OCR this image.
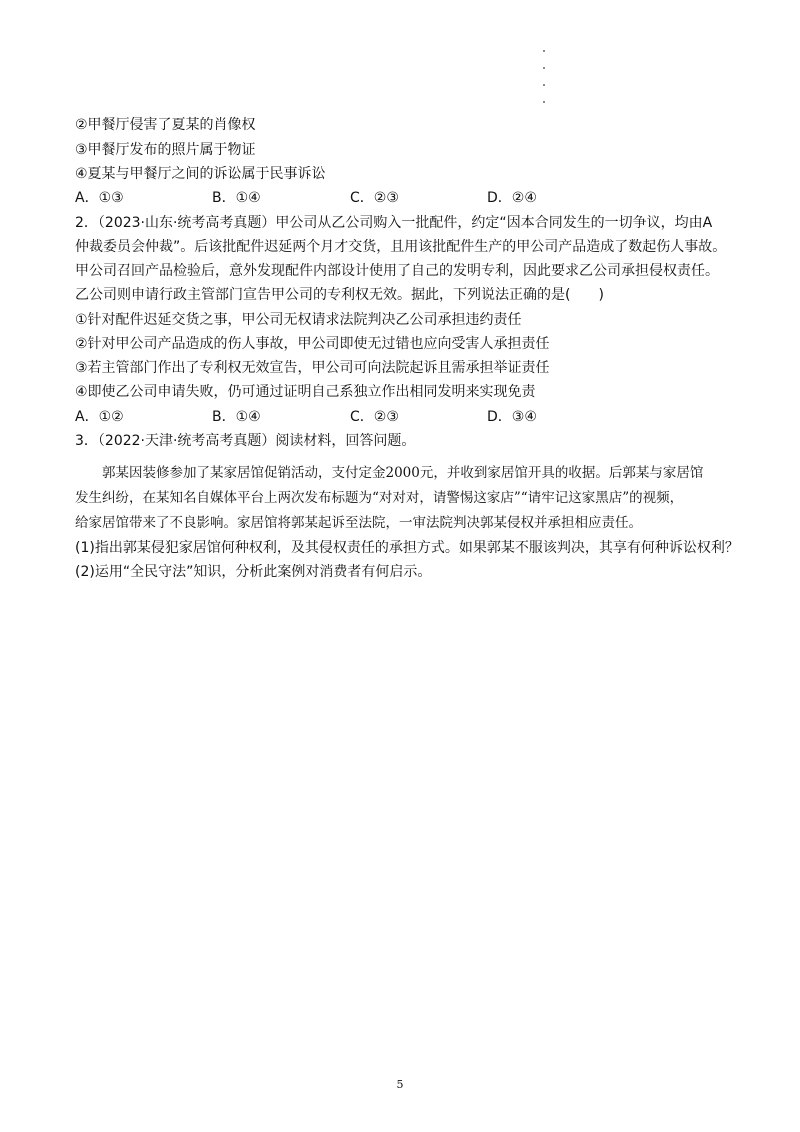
②甲餐厅侵害了夏某的肖像权
③甲餐厅发布的照片属于物证
④夏某与甲餐厅之间的诉讼属于民事诉讼
A．①③	B．①④	C．②③	D．②④
2．（2023·山东·统考高考真题）甲公司从乙公司购入一批配件，约定“因本合同发生的一切争议，均由A
仲裁委员会仲裁”。后该批配件迟延两个月才交货，且用该批配件生产的甲公司产品造成了数起伤人事故。
甲公司召回产品检验后，意外发现配件内部设计使用了自己的发明专利，因此要求乙公司承担侵权责任。
乙公司则申请行政主管部门宣告甲公司的专利权无效。据此，下列说法正确的是(　　)
①针对配件迟延交货之事，甲公司无权请求法院判决乙公司承担违约责任
②针对甲公司产品造成的伤人事故，甲公司即使无过错也应向受害人承担责任
③若主管部门作出了专利权无效宣告，甲公司可向法院起诉且需承担举证责任
④即使乙公司申请失败，仍可通过证明自己系独立作出相同发明来实现免责
A．①②	B．①④	C．②③	D．③④
3．（2022·天津·统考高考真题）阅读材料，回答问题。
　　郭某因装修参加了某家居馆促销活动，支付定金2000元，并收到家居馆开具的收据。后郭某与家居馆
发生纠纷，在某知名自媒体平台上两次发布标题为“对对对，请警惕这家店”“请牢记这家黑店”的视频，
给家居馆带来了不良影响。家居馆将郭某起诉至法院，一审法院判决郭某侵权并承担相应责任。
(1)指出郭某侵犯家居馆何种权利，及其侵权责任的承担方式。如果郭某不服该判决，其享有何种诉讼权利？
(2)运用“全民守法”知识，分析此案例对消费者有何启示。
5
